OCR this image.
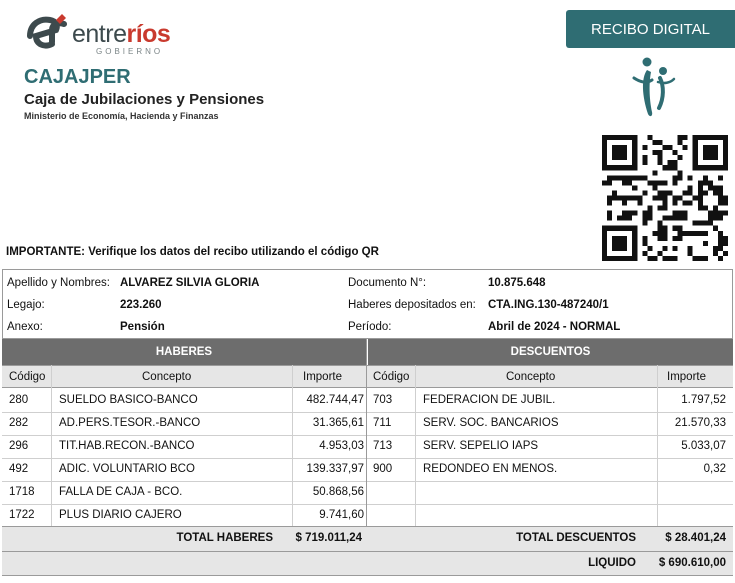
entreríos
GOBIERNO
CAJAJPER
Caja de Jubilaciones y Pensiones
Ministerio de Economía, Hacienda y Finanzas
RECIBO DIGITAL
IMPORTANTE: Verifique los datos del recibo utilizando el código QR
Apellido y Nombres: ALVAREZ SILVIA GLORIA	Documento N°:	10.875.648
Legajo:	223.260	Haberes depositados en: CTA.ING.130-487240/1
Anexo:	Pensión	Período:	Abril de 2024 - NORMAL
HABERES	DESCUENTOS
Código	Concepto	Importe	Código	Concepto	Importe
280	SUELDO BASICO-BANCO	482.744,47 703	FEDERACION DE JUBIL.	1.797,52
282	AD.PERS.TESOR.-BANCO	31.365,61 711	SERV. SOC. BANCARIOS	21.570,33
296	TIT.HAB.RECON.-BANCO	4.953,03 713	SERV. SEPELIO IAPS	5.033,07
492	ADIC. VOLUNTARIO BCO	139.337,97 900	REDONDEO EN MENOS.	0,32
1718 FALLA DE CAJA - BCO.	50.868,56
1722 PLUS DIARIO CAJERO	9.741,60
TOTAL HABERES $ 719.011,24	TOTAL DESCUENTOS	$ 28.401,24
LIQUIDO $ 690.610,00
